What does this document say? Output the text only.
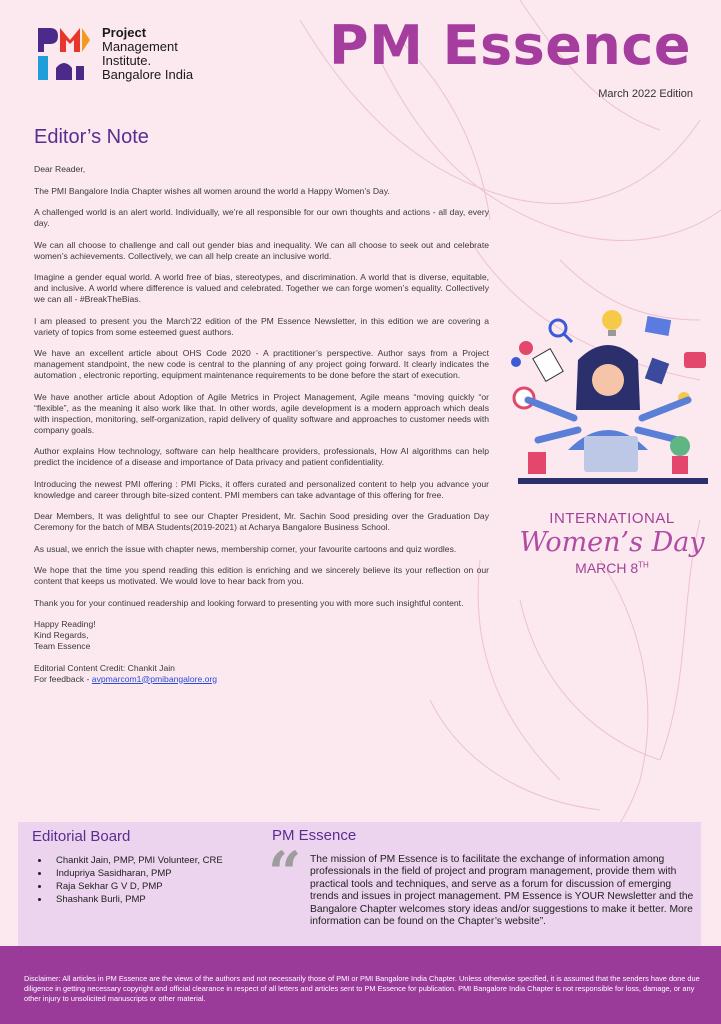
Project
Management
Institute.
Bangalore India	PM Essence
March 2022 Edition
Editor’s Note

Dear Reader,

The PMI Bangalore India Chapter wishes all women around the world a Happy Women’s Day.

A challenged world is an alert world. Individually, we’re all responsible for our own thoughts and actions - all day, every day.

We can all choose to challenge and call out gender bias and inequality. We can all choose to seek out and celebrate women’s achievements. Collectively, we can all help create an inclusive world.

Imagine a gender equal world. A world free of bias, stereotypes, and discrimination. A world that is diverse, equitable, and inclusive. A world where difference is valued and celebrated. Together we can forge women’s equality. Collectively we can all - #BreakTheBias.

I am pleased to present you the March’22 edition of the PM Essence Newsletter, in this edition we are covering a variety of topics from some esteemed guest authors.

We have an excellent article about OHS Code 2020 - A practitioner’s perspective. Author says from a Project management standpoint, the new code is central to the planning of any project going forward. It clearly indicates the automation , electronic reporting, equipment maintenance requirements to be done before the start of execution.

We have another article about Adoption of Agile Metrics in Project Management, Agile means “moving quickly “or “flexible”, as the meaning it also work like that. In other words, agile development is a modern approach which deals with inspection, monitoring, self-organization, rapid delivery of quality software and approaches to customer needs with company goals.

Author explains How technology, software can help healthcare providers, professionals, How AI algorithms can help predict the incidence of a disease and importance of Data privacy and patient confidentiality.

Introducing the newest PMI offering : PMI Picks, it offers curated and personalized content to help you advance your knowledge and career through bite-sized content. PMI members can take advantage of this offering for free.

Dear Members, It was delightful to see our Chapter President, Mr. Sachin Sood presiding over the Graduation Day Ceremony for the batch of MBA Students(2019-2021) at Acharya Bangalore Business School.

As usual, we enrich the issue with chapter news, membership corner, your favourite cartoons and quiz wordles.

We hope that the time you spend reading this edition is enriching and we sincerely believe its your reflection on our content that keeps us motivated. We would love to hear back from you.

Thank you for your continued readership and looking forward to presenting you with more such insightful content.

Happy Reading!
Kind Regards,
Team Essence

Editorial Content Credit: Chankit Jain
For feedback - avpmarcom1@pmibangalore.org

INTERNATIONAL
Women’s Day
MARCH 8TH
Editorial Board
• Chankit Jain, PMP, PMI Volunteer, CRE
• Indupriya Sasidharan, PMP
• Raja Sekhar G V D, PMP
• Shashank Burli, PMP
PM Essence
“ The mission of PM Essence is to facilitate the exchange of information among professionals in the field of project and program management, provide them with practical tools and techniques, and serve as a forum for discussion of emerging trends and issues in project management. PM Essence is YOUR Newsletter and the Bangalore Chapter welcomes story ideas and/or suggestions to make it better. More information can be found on the Chapter’s website”.
Disclaimer: All articles in PM Essence are the views of the authors and not necessarily those of PMI or PMI Bangalore India Chapter. Unless otherwise specified, it is assumed that the senders have done due diligence in getting necessary copyright and official clearance in respect of all letters and articles sent to PM Essence for publication. PMI Bangalore India Chapter is not responsible for loss, damage, or any other injury to unsolicited manuscripts or other material.
